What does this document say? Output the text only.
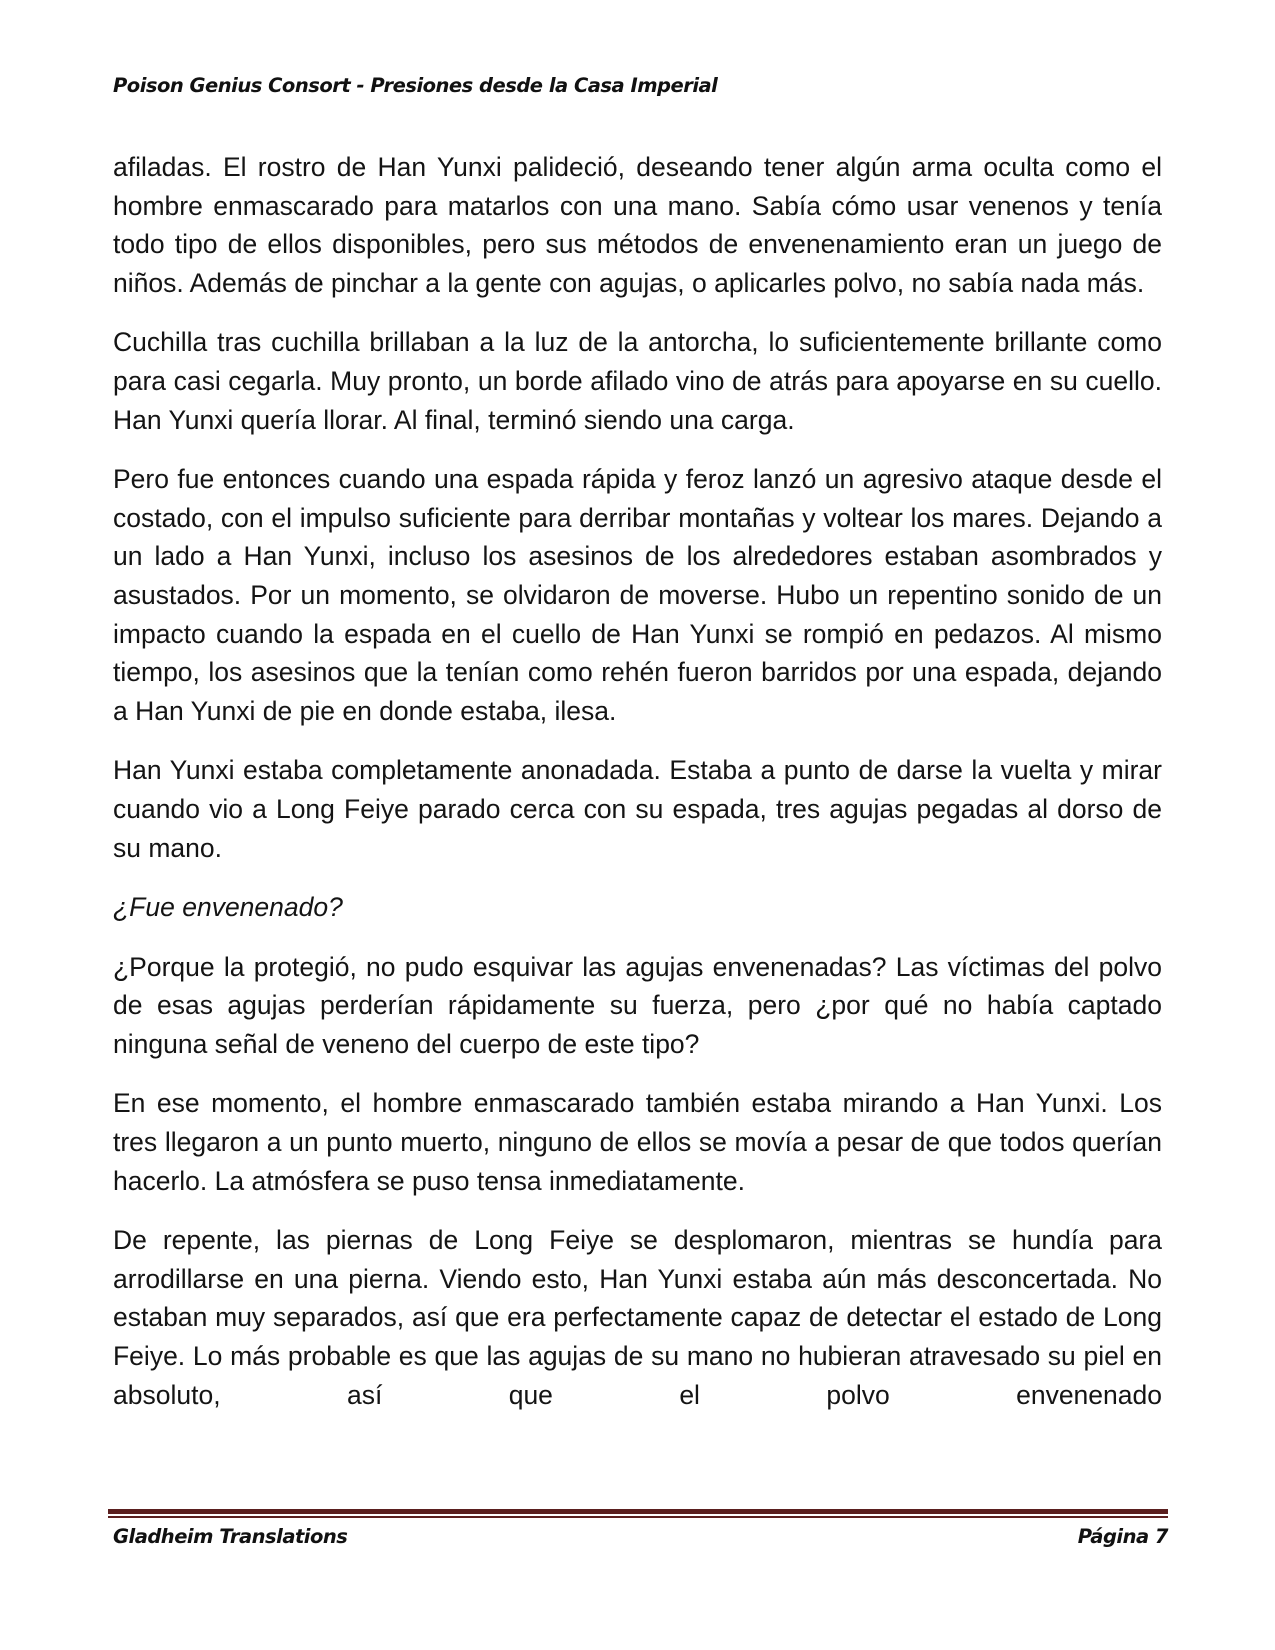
Poison Genius Consort - Presiones desde la Casa Imperial

afiladas. El rostro de Han Yunxi palideció, deseando tener algún arma oculta como el hombre enmascarado para matarlos con una mano. Sabía cómo usar venenos y tenía todo tipo de ellos disponibles, pero sus métodos de envenenamiento eran un juego de niños. Además de pinchar a la gente con agujas, o aplicarles polvo, no sabía nada más.

Cuchilla tras cuchilla brillaban a la luz de la antorcha, lo suficientemente brillante como para casi cegarla. Muy pronto, un borde afilado vino de atrás para apoyarse en su cuello. Han Yunxi quería llorar. Al final, terminó siendo una carga.

Pero fue entonces cuando una espada rápida y feroz lanzó un agresivo ataque desde el costado, con el impulso suficiente para derribar montañas y voltear los mares. Dejando a un lado a Han Yunxi, incluso los asesinos de los alrededores estaban asombrados y asustados. Por un momento, se olvidaron de moverse. Hubo un repentino sonido de un impacto cuando la espada en el cuello de Han Yunxi se rompió en pedazos. Al mismo tiempo, los asesinos que la tenían como rehén fueron barridos por una espada, dejando a Han Yunxi de pie en donde estaba, ilesa.

Han Yunxi estaba completamente anonadada. Estaba a punto de darse la vuelta y mirar cuando vio a Long Feiye parado cerca con su espada, tres agujas pegadas al dorso de su mano.

¿Fue envenenado?

¿Porque la protegió, no pudo esquivar las agujas envenenadas? Las víctimas del polvo de esas agujas perderían rápidamente su fuerza, pero ¿por qué no había captado ninguna señal de veneno del cuerpo de este tipo?

En ese momento, el hombre enmascarado también estaba mirando a Han Yunxi. Los tres llegaron a un punto muerto, ninguno de ellos se movía a pesar de que todos querían hacerlo. La atmósfera se puso tensa inmediatamente.

De repente, las piernas de Long Feiye se desplomaron, mientras se hundía para arrodillarse en una pierna. Viendo esto, Han Yunxi estaba aún más desconcertada. No estaban muy separados, así que era perfectamente capaz de detectar el estado de Long Feiye. Lo más probable es que las agujas de su mano no hubieran atravesado su piel en absoluto, así que el polvo envenenado

Gladheim Translations	Página 7
